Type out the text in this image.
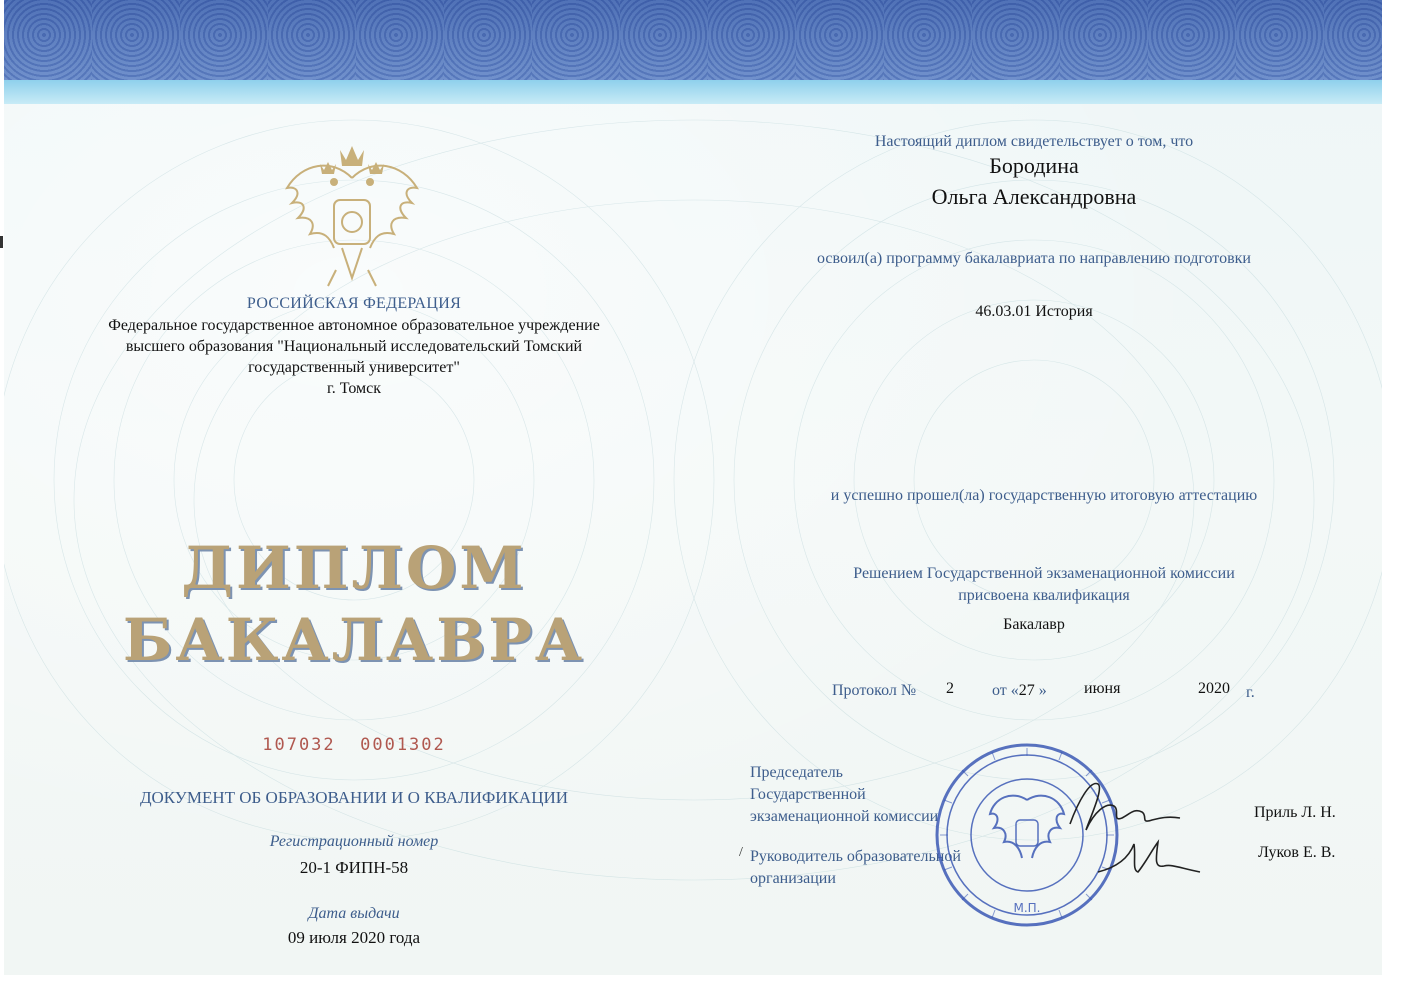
РОССИЙСКАЯ ФЕДЕРАЦИЯ
Федеральное государственное автономное образовательное учреждение
высшего образования "Национальный исследовательский Томский
государственный университет"
г. Томск
ДИПЛОМ
БАКАЛАВРА
107032  0001302
ДОКУМЕНТ ОБ ОБРАЗОВАНИИ И О КВАЛИФИКАЦИИ
Регистрационный номер
20-1 ФИПН-58
Дата выдачи
09 июля 2020 года
Настоящий диплом свидетельствует о том, что
Бородина
Ольга Александровна
освоил(а) программу бакалавриата по направлению подготовки
46.03.01 История
и успешно прошел(ла) государственную итоговую аттестацию
Решением Государственной экзаменационной комиссии
присвоена квалификация
Бакалавр
Протокол № 2 от «27 » июня	2020 г.
Председатель
Государственной
экзаменационной комиссии	Приль Л. Н.
/ Руководитель образовательной
организации
Луков Е. В.
М.П.
